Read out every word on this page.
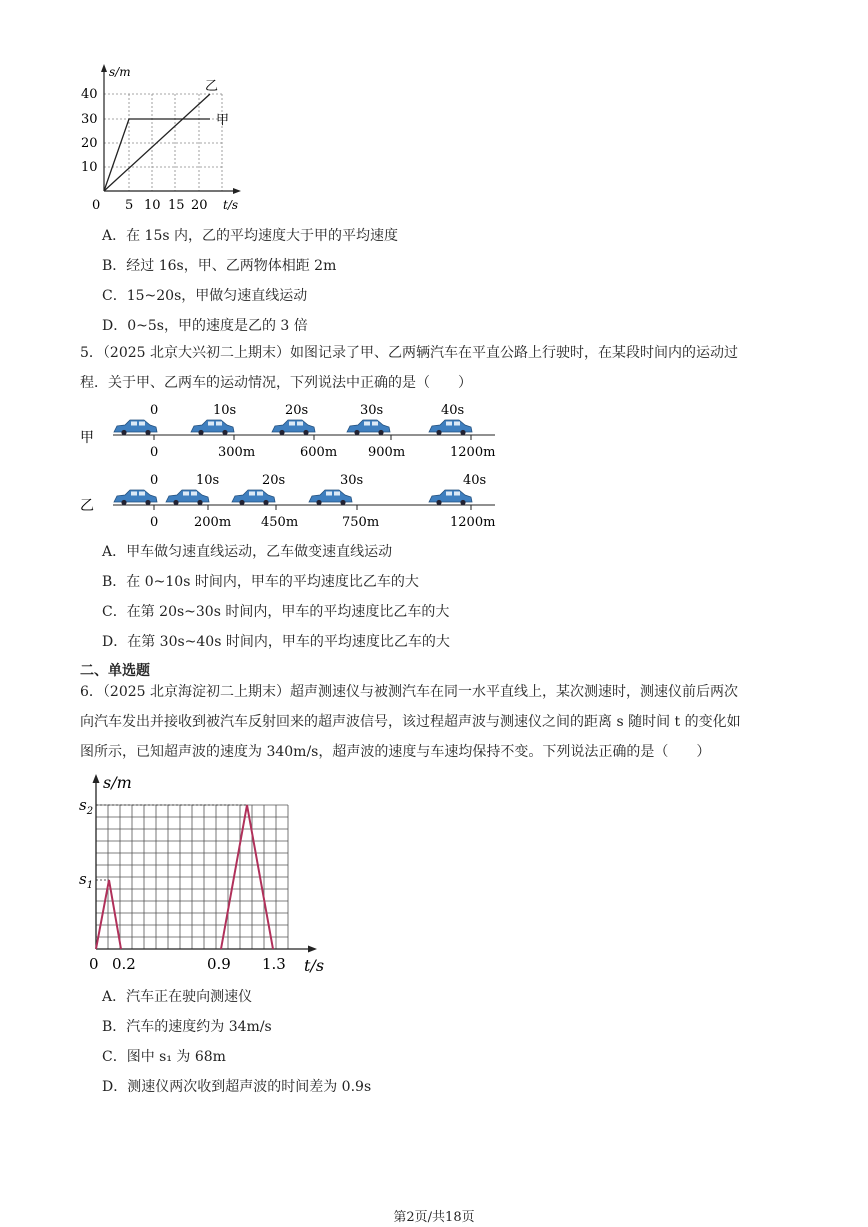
s/m
t/s
40
30
20
10
0 5 10 15 20
乙
甲
A．在 15s 内，乙的平均速度大于甲的平均速度
B．经过 16s，甲、乙两物体相距 2m
C．15~20s，甲做匀速直线运动
D．0~5s，甲的速度是乙的 3 倍
5．（2025 北京大兴初二上期末）如图记录了甲、乙两辆汽车在平直公路上行驶时，在某段时间内的运动过
程．关于甲、乙两车的运动情况，下列说法中正确的是（　　）
甲
0	10s	20s	30s	40s
0	300m	600m 900m	1200m
乙
0	10s	20s	30s	40s
0	200m 450m	750m	1200m
A．甲车做匀速直线运动，乙车做变速直线运动
B．在 0~10s 时间内，甲车的平均速度比乙车的大
C．在第 20s~30s 时间内，甲车的平均速度比乙车的大
D．在第 30s~40s 时间内，甲车的平均速度比乙车的大
二、单选题
6．（2025 北京海淀初二上期末）超声测速仪与被测汽车在同一水平直线上，某次测速时，测速仪前后两次
向汽车发出并接收到被汽车反射回来的超声波信号，该过程超声波与测速仪之间的距离 s 随时间 t 的变化如
图所示，已知超声波的速度为 340m/s，超声波的速度与车速均保持不变。下列说法正确的是（　　）
s/m
t/s
$s_2$
$s_1$
0 0.2	0.9 1.3
A．汽车正在驶向测速仪
B．汽车的速度约为 34m/s
C．图中 s₁ 为 68m
D．测速仪两次收到超声波的时间差为 0.9s
第2页/共18页
